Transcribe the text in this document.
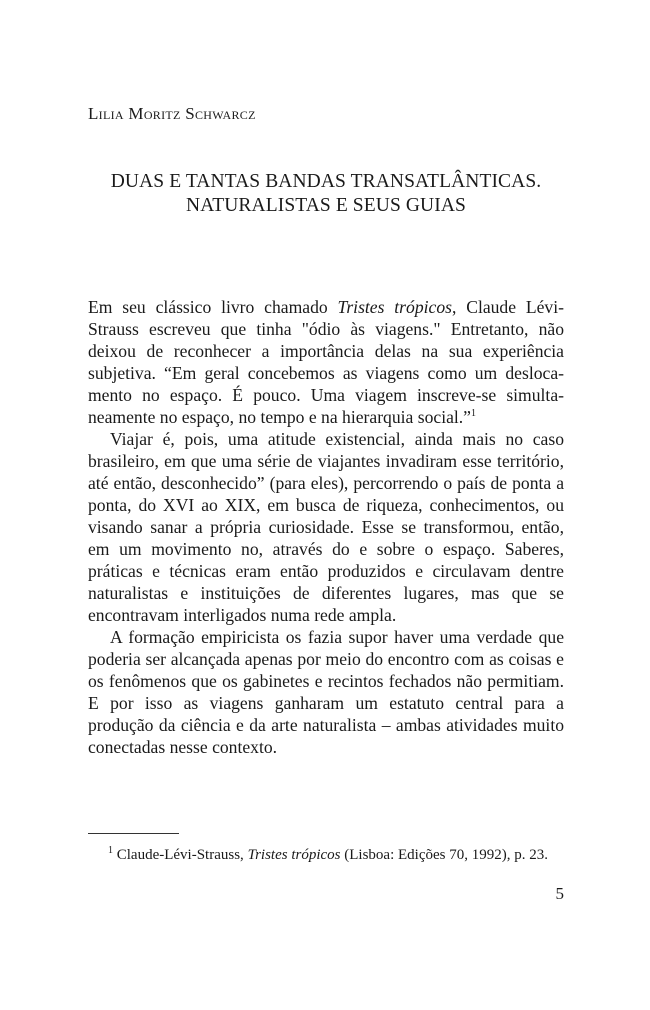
Lilia Moritz Schwarcz
DUAS E TANTAS BANDAS TRANSATLÂNTICAS.
NATURALISTAS E SEUS GUIAS

Em seu clássico livro chamado Tristes trópicos, Claude Lévi-Strauss escreveu que tinha "ódio às viagens." Entretanto, não deixou de reconhecer a importância delas na sua experiência subjetiva. “Em geral concebemos as viagens como um deslocamento no espaço. É pouco. Uma viagem inscreve-se simultaneamente no espaço, no tempo e na hierarquia social.”$^1$

Viajar é, pois, uma atitude existencial, ainda mais no caso brasileiro, em que uma série de viajantes invadiram esse território, até então, desconhecido” (para eles), percorrendo o país de ponta a ponta, do XVI ao XIX, em busca de riqueza, conhecimentos, ou visando sanar a própria curiosidade. Esse se transformou, então, em um movimento no, através do e sobre o espaço. Saberes, práticas e técnicas eram então produzidos e circulavam dentre naturalistas e instituições de diferentes lugares, mas que se encontravam interligados numa rede ampla.

A formação empiricista os fazia supor haver uma verdade que poderia ser alcançada apenas por meio do encontro com as coisas e os fenômenos que os gabinetes e recintos fechados não permitiam. E por isso as viagens ganharam um estatuto central para a produção da ciência e da arte naturalista – ambas atividades muito conectadas nesse contexto.

$^1$ Claude-Lévi-Strauss, Tristes trópicos (Lisboa: Edições 70, 1992), p. 23.
5
